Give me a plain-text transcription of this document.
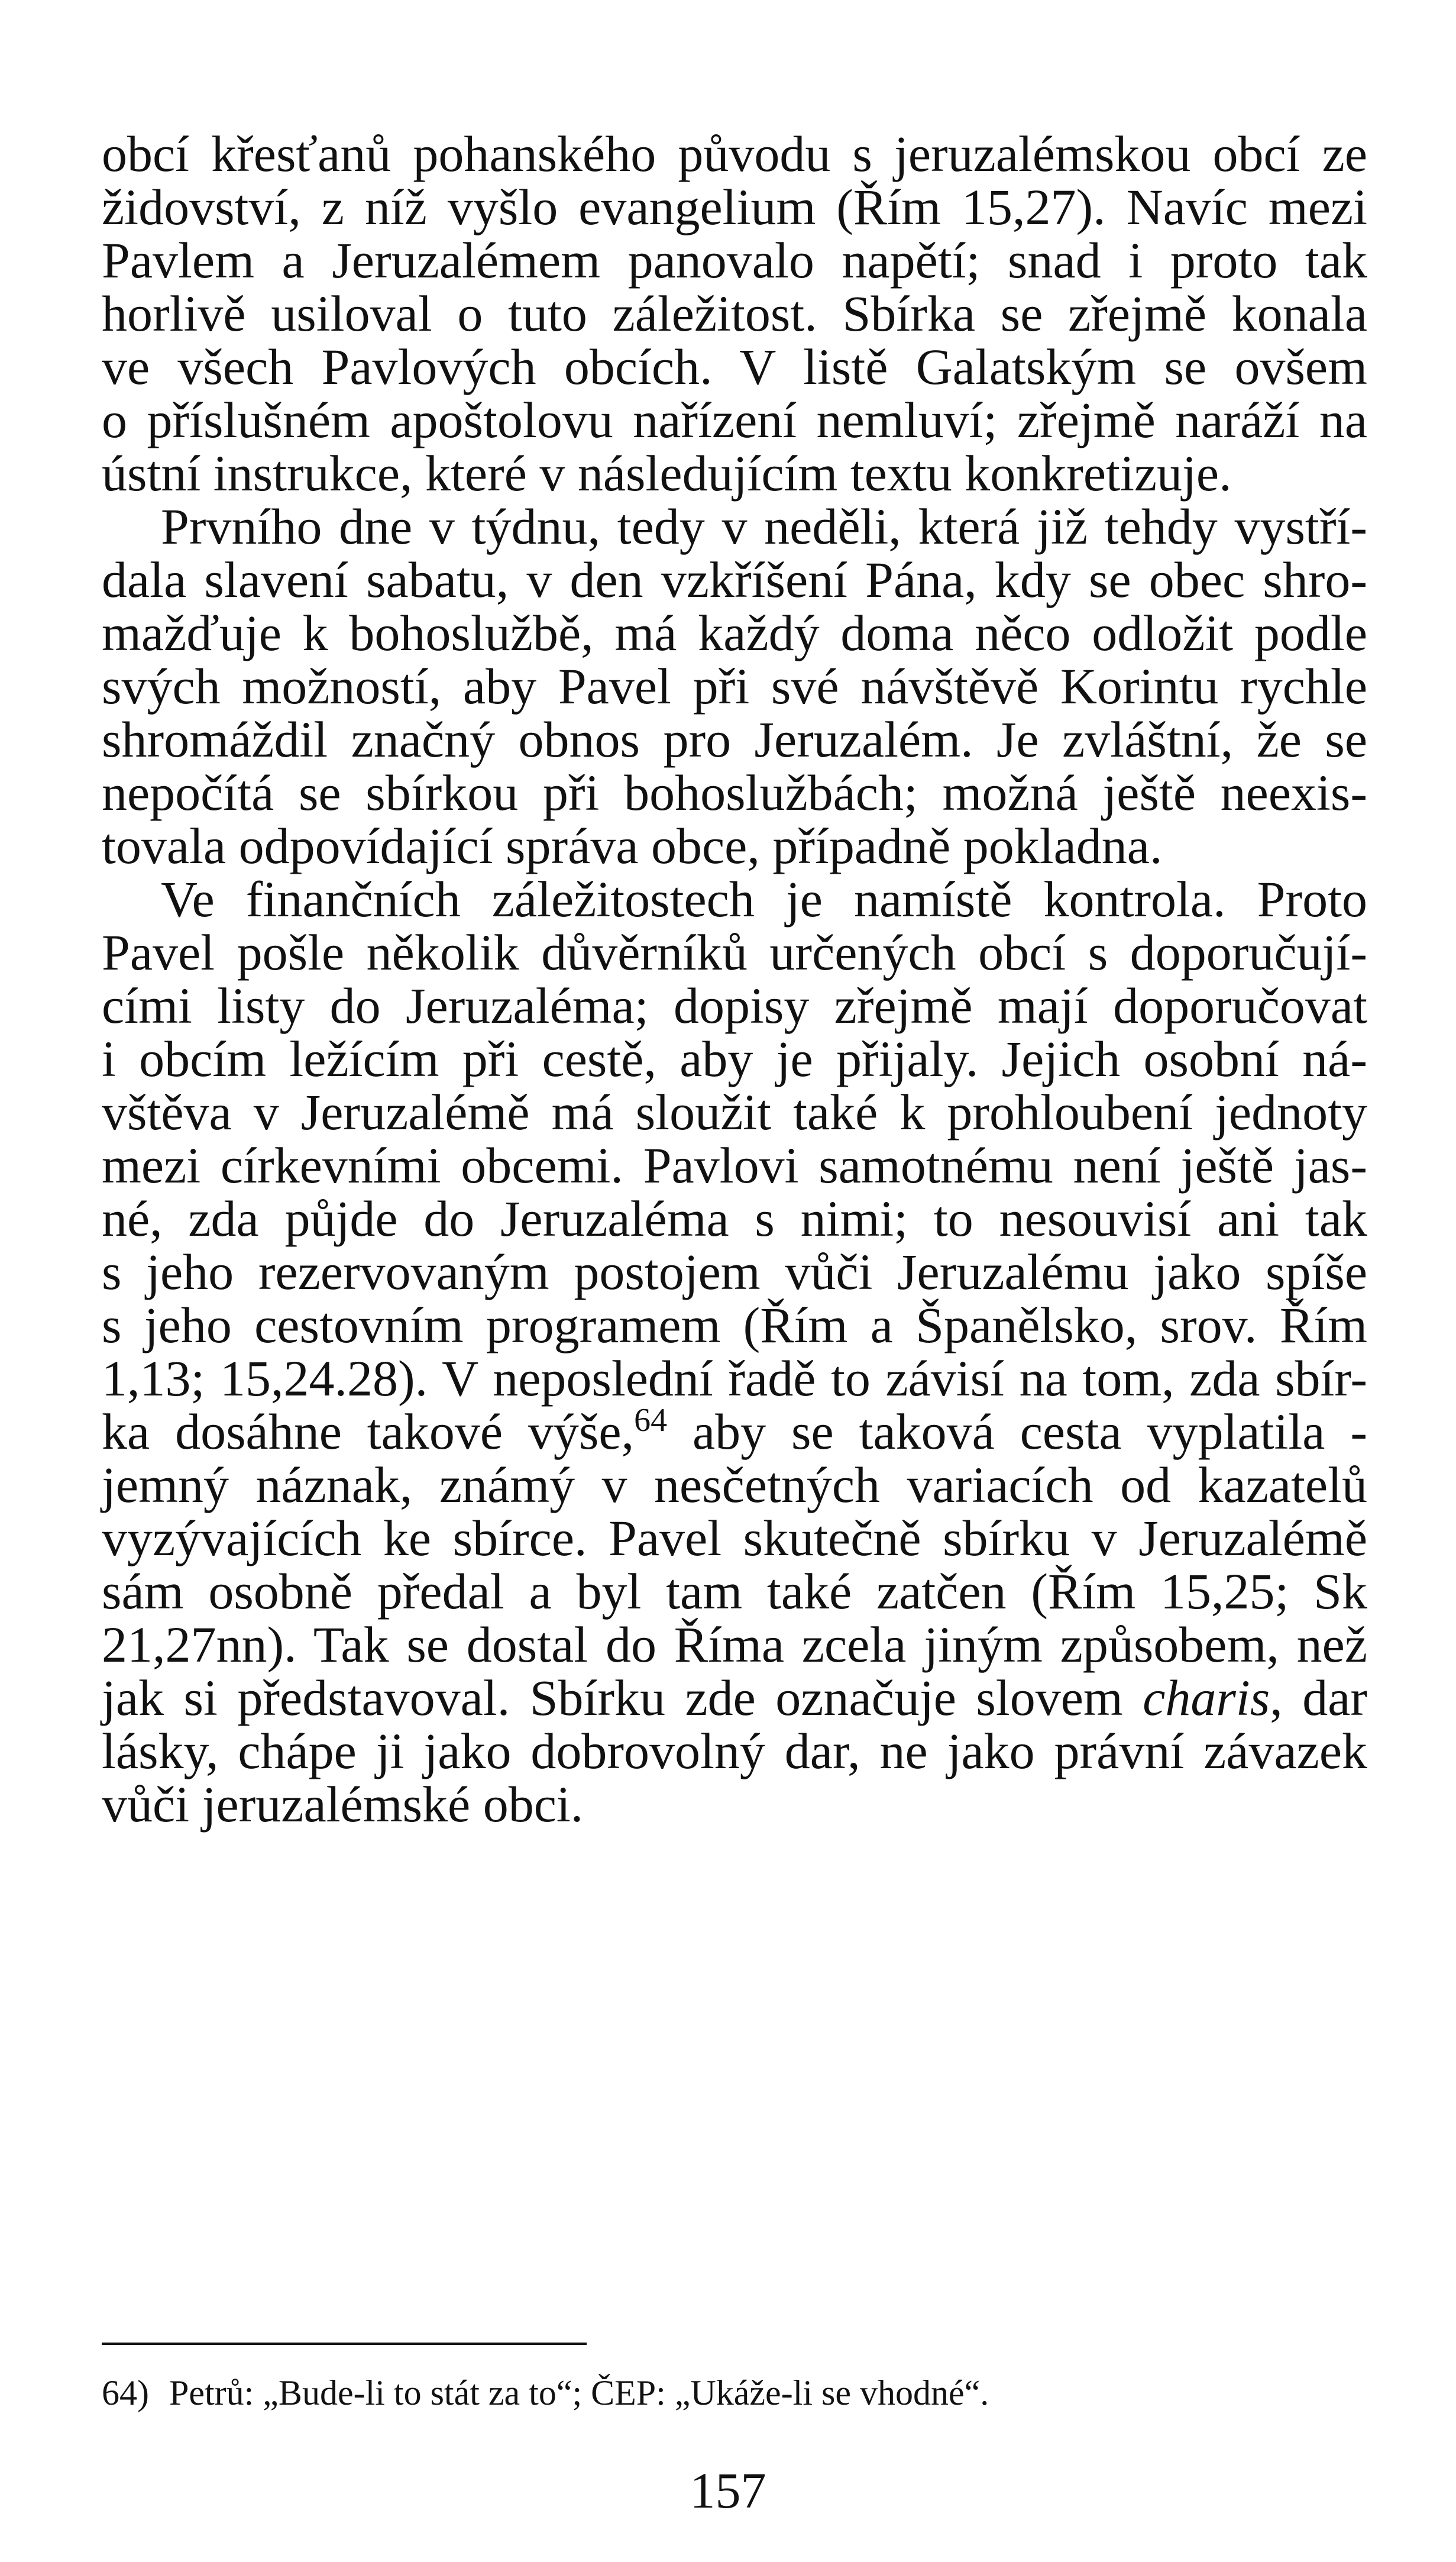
obcí křesťanů pohanského původu s jeruzalémskou obcí ze
židovství, z níž vyšlo evangelium (Řím 15,27). Navíc mezi
Pavlem a Jeruzalémem panovalo napětí; snad i proto tak
horlivě usiloval o tuto záležitost. Sbírka se zřejmě konala
ve všech Pavlových obcích. V listě Galatským se ovšem
o příslušném apoštolovu nařízení nemluví; zřejmě naráží na
ústní instrukce, které v následujícím textu konkretizuje.
Prvního dne v týdnu, tedy v neděli, která již tehdy vystří-
dala slavení sabatu, v den vzkříšení Pána, kdy se obec shro-
mažďuje k bohoslužbě, má každý doma něco odložit podle
svých možností, aby Pavel při své návštěvě Korintu rychle
shromáždil značný obnos pro Jeruzalém. Je zvláštní, že se
nepočítá se sbírkou při bohoslužbách; možná ještě neexis-
tovala odpovídající správa obce, případně pokladna.
Ve finančních záležitostech je namístě kontrola. Proto
Pavel pošle několik důvěrníků určených obcí s doporučují-
cími listy do Jeruzaléma; dopisy zřejmě mají doporučovat
i obcím ležícím při cestě, aby je přijaly. Jejich osobní ná-
vštěva v Jeruzalémě má sloužit také k prohloubení jednoty
mezi církevními obcemi. Pavlovi samotnému není ještě jas-
né, zda půjde do Jeruzaléma s nimi; to nesouvisí ani tak
s jeho rezervovaným postojem vůči Jeruzalému jako spíše
s jeho cestovním programem (Řím a Španělsko, srov. Řím
1,13; 15,24.28). V neposlední řadě to závisí na tom, zda sbír-
ka dosáhne takové výše,$^{64}$ aby se taková cesta vyplatila -
jemný náznak, známý v nesčetných variacích od kazatelů
vyzývajících ke sbírce. Pavel skutečně sbírku v Jeruzalémě
sám osobně předal a byl tam také zatčen (Řím 15,25; Sk
21,27nn). Tak se dostal do Říma zcela jiným způsobem, než
jak si představoval. Sbírku zde označuje slovem charis, dar
lásky, chápe ji jako dobrovolný dar, ne jako právní závazek
vůči jeruzalémské obci.
64) Petrů: „Bude-li to stát za to“; ČEP: „Ukáže-li se vhodné“.
157
